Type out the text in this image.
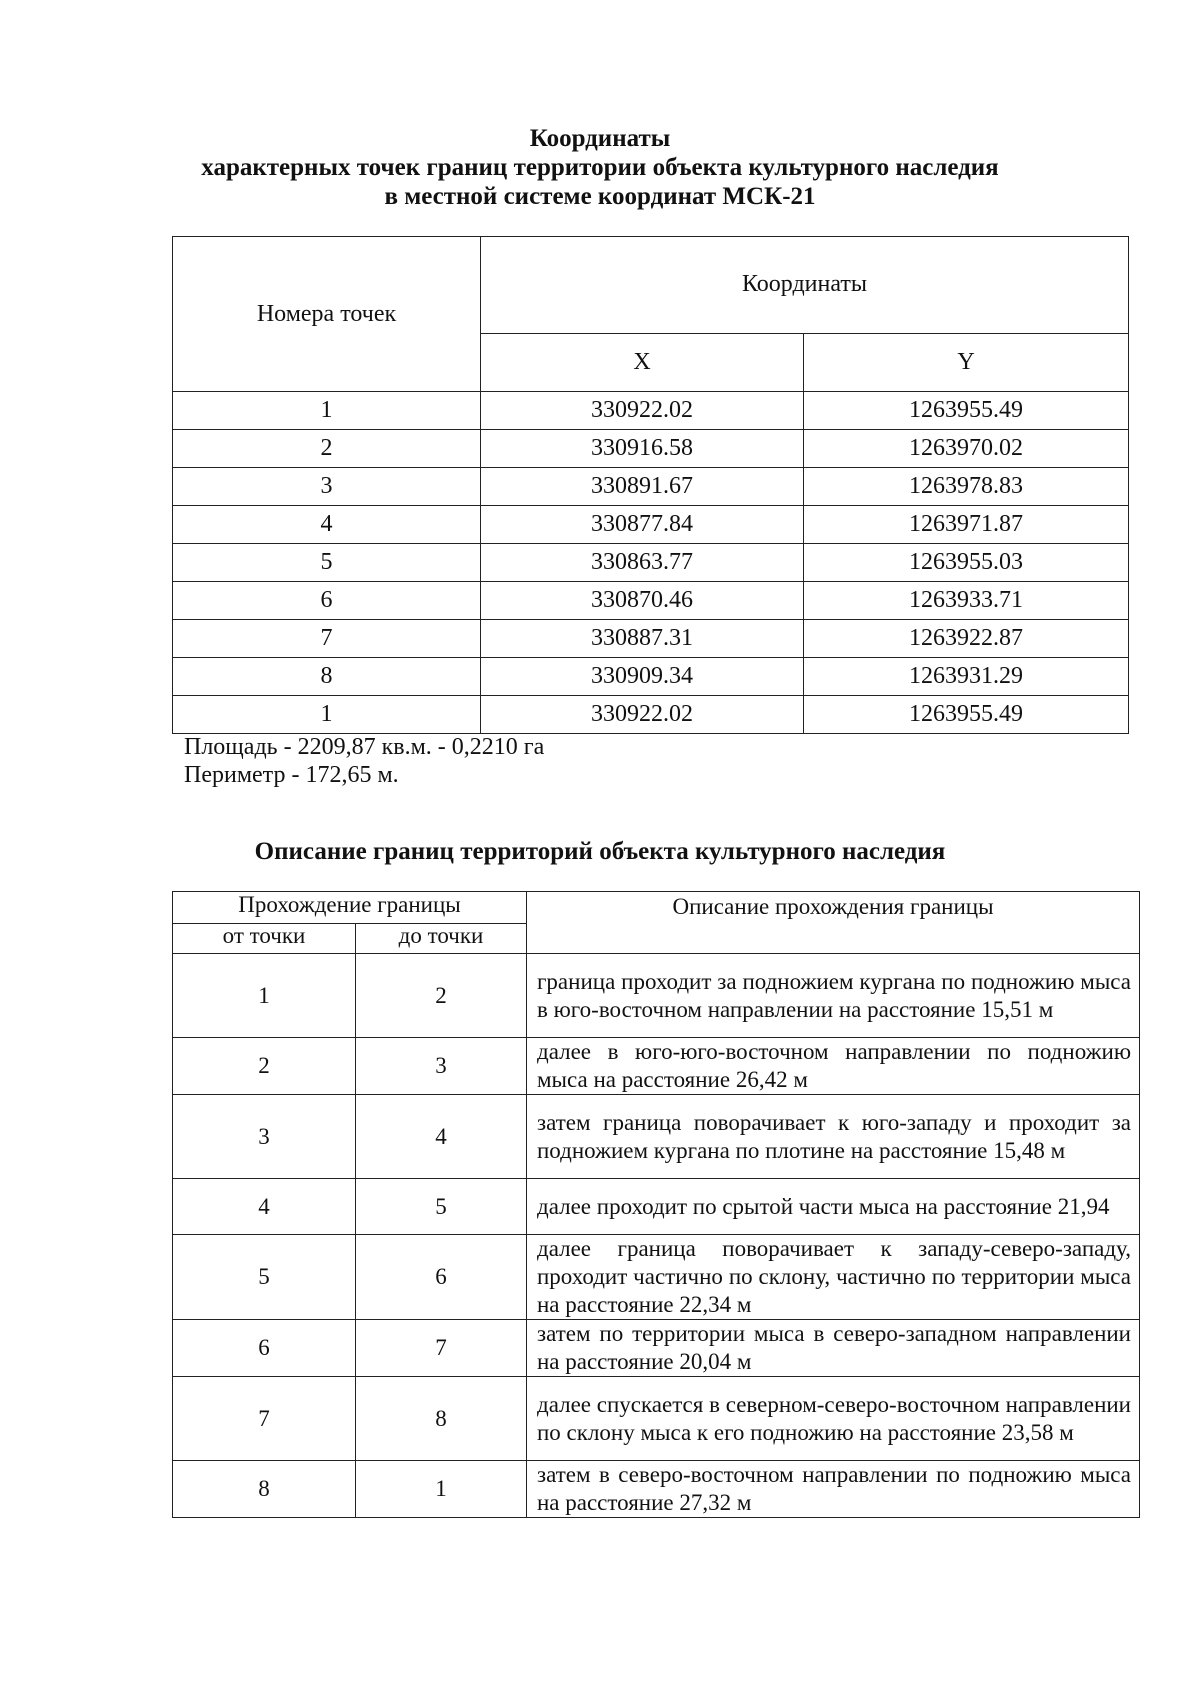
Координаты
характерных точек границ территории объекта культурного наследия
в местной системе координат МСК-21
Номера точек	Координаты	
	X	Y
1	330922.02	1263955.49
2	330916.58	1263970.02
3	330891.67	1263978.83
4	330877.84	1263971.87
5	330863.77	1263955.03
6	330870.46	1263933.71
7	330887.31	1263922.87
8	330909.34	1263931.29
1	330922.02	1263955.49
Площадь - 2209,87 кв.м. - 0,2210 га
Периметр - 172,65 м.
Описание границ территорий объекта культурного наследия
Прохождение границы		Описание прохождения границы
от точки	до точки	
1	2	граница проходит за подножием кургана по подножию мыса в юго-восточном направлении на расстояние 15,51 м
2	3	далее в юго-юго-восточном направлении по подножию мыса на расстояние 26,42 м
3	4	затем граница поворачивает к юго-западу и проходит за подножием кургана по плотине на расстояние 15,48 м
4	5	далее проходит по срытой части мыса на расстояние 21,94
5	6	далее граница поворачивает к западу-северо-западу, проходит частично по склону, частично по территории мыса на расстояние 22,34 м
6	7	затем по территории мыса в северо-западном направлении на расстояние 20,04 м
7	8	далее спускается в северном-северо-восточном направлении по склону мыса к его подножию на расстояние 23,58 м
8	1	затем в северо-восточном направлении по подножию мыса на расстояние 27,32 м
